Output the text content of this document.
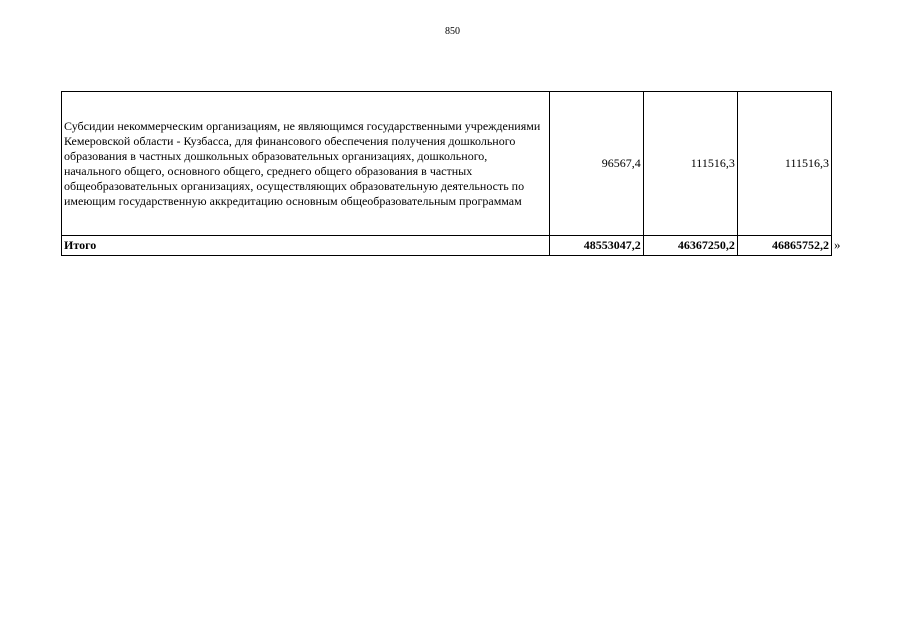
850
Субсидии некоммерческим организациям, не являющимся государственными учреждениями Кемеровской области - Кузбасса, для финансового обеспечения получения дошкольного образования в частных дошкольных образовательных организациях, дошкольного, начального общего, основного общего, среднего общего образования в частных общеобразовательных организациях, осуществляющих образовательную деятельность по имеющим государственную аккредитацию основным общеобразовательным программам	96567,4	111516,3	111516,3
Итого	48553047,2	46367250,2	46865752,2 »
